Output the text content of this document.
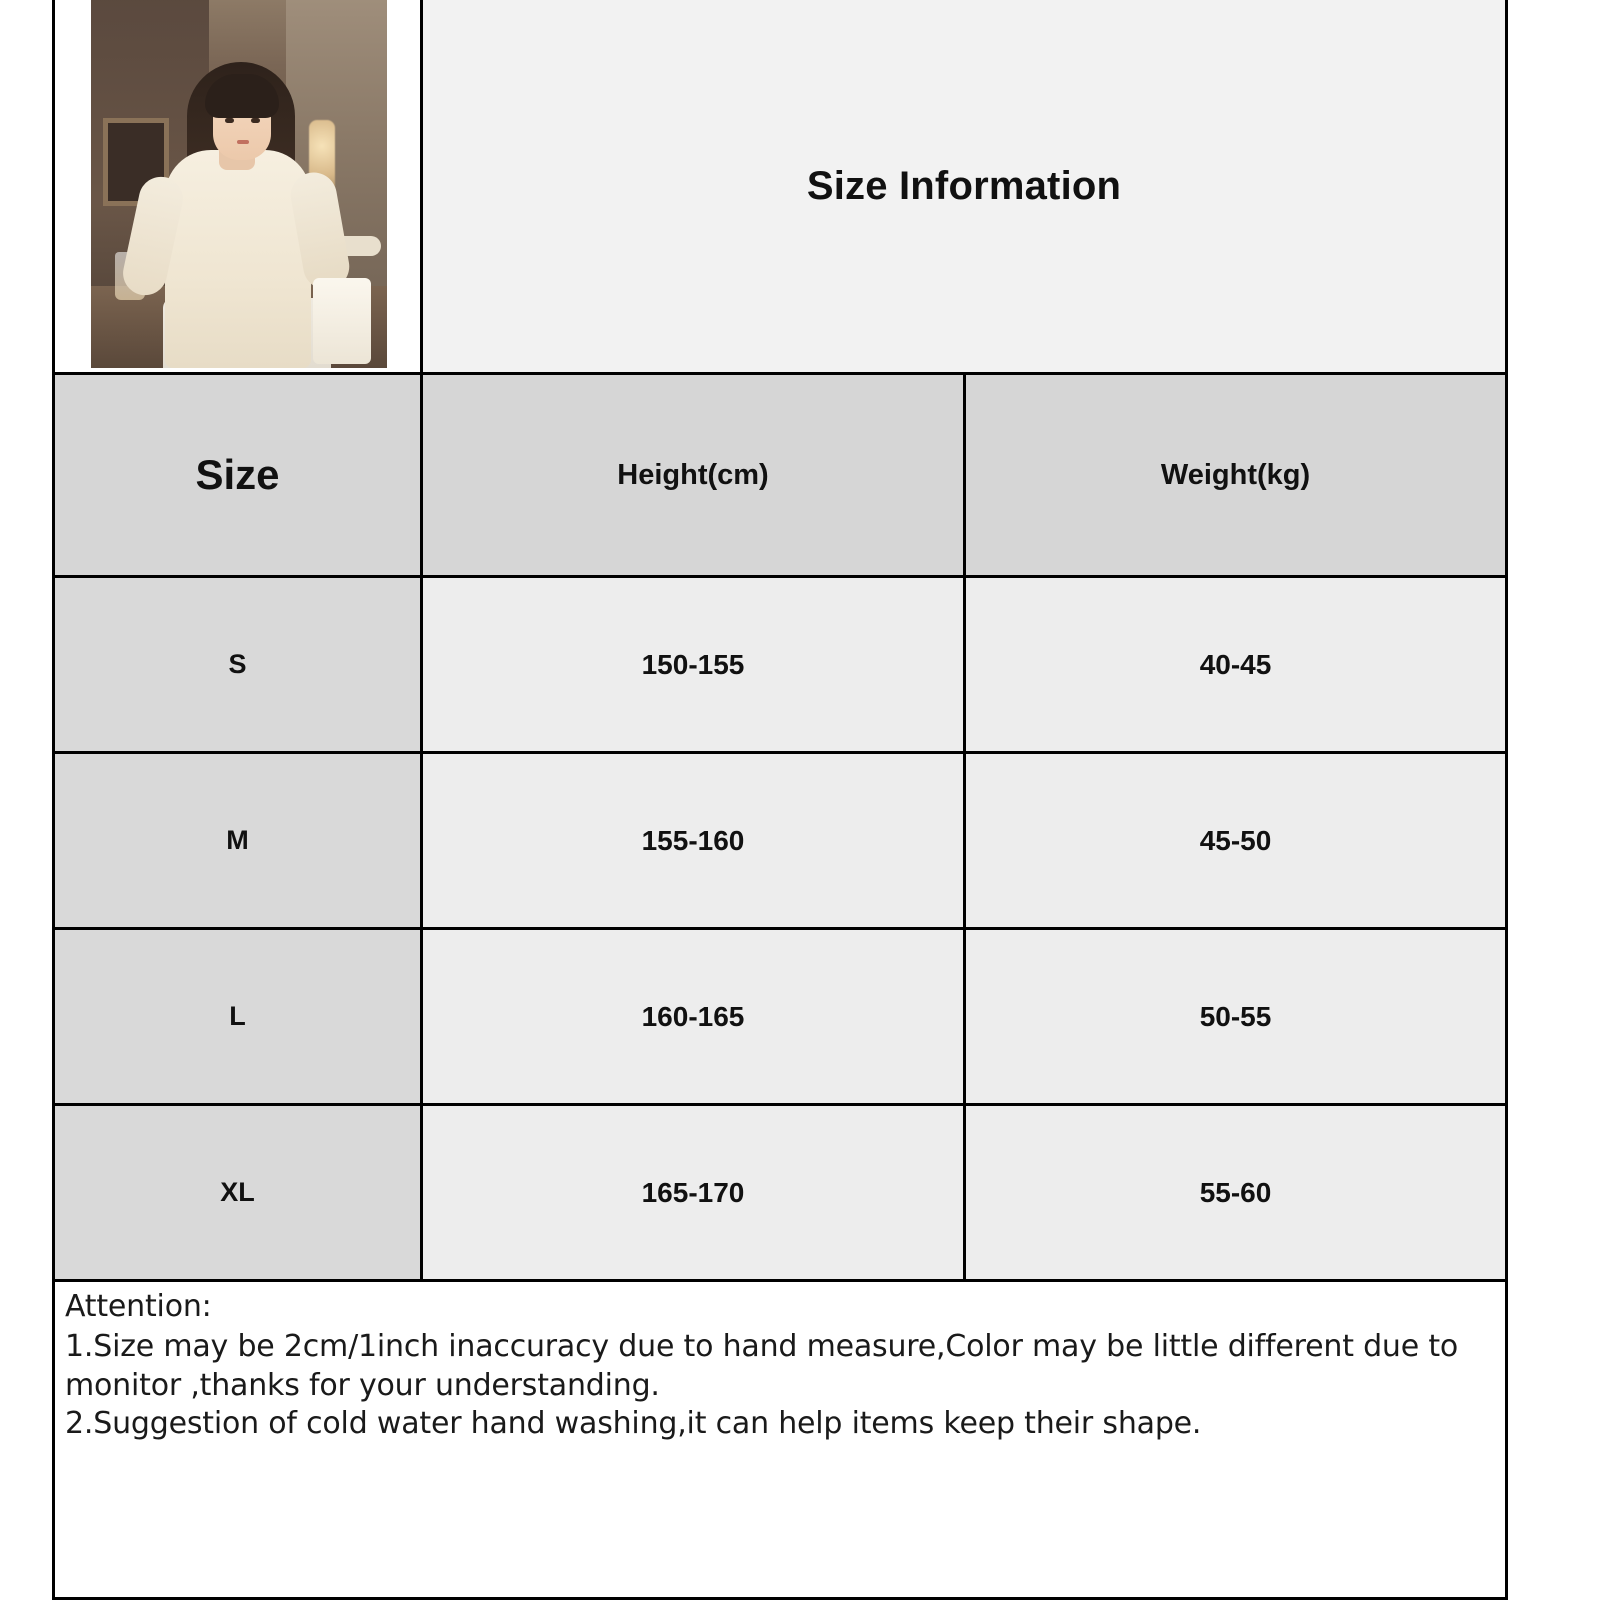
Size Information
Size	Height(cm)	Weight(kg)
S	150-155	40-45
M	155-160	45-50
L	160-165	50-55
XL	165-170	55-60

Attention:

1.Size may be 2cm/1inch inaccuracy due to hand measure,Color may be little different due to monitor ,thanks for your understanding.

2.Suggestion of cold water hand washing,it can help items keep their shape.
